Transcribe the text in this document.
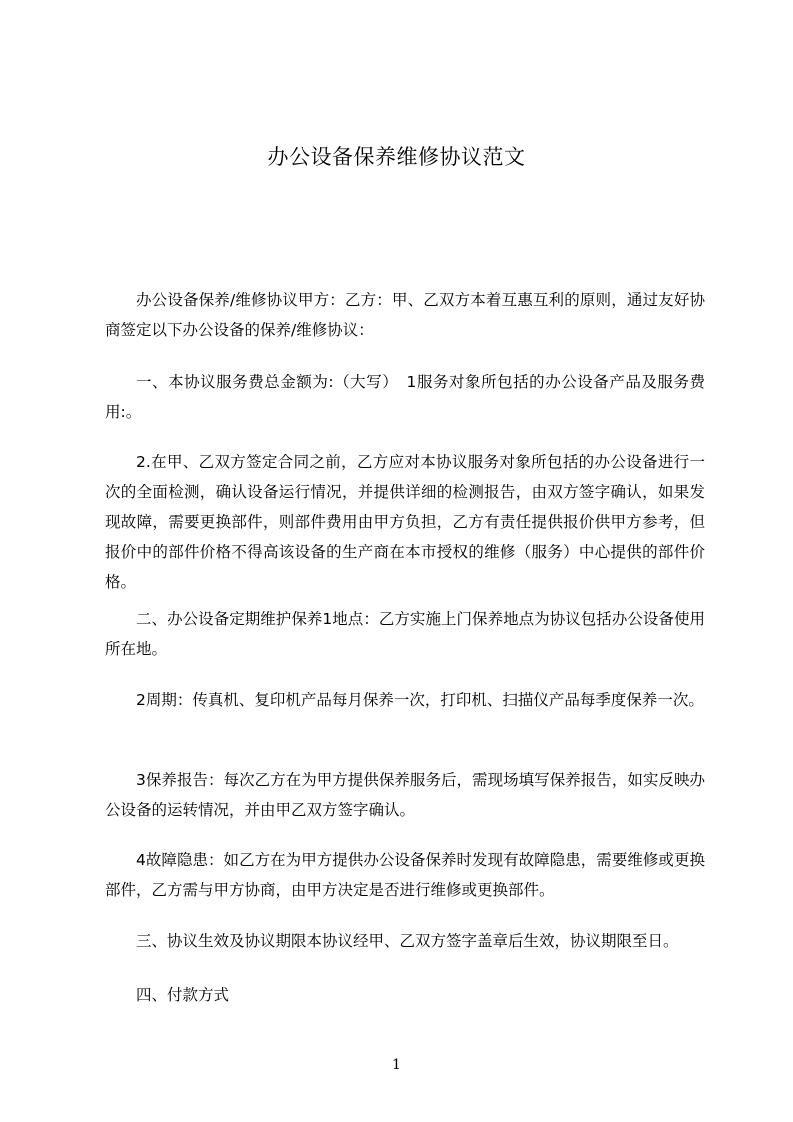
办公设备保养维修协议范文

办公设备保养/维修协议甲方：乙方：甲、乙双方本着互惠互利的原则，通过友好协商签定以下办公设备的保养/维修协议：

一、本协议服务费总金额为:（大写）　1服务对象所包括的办公设备产品及服务费用:。

2.在甲、乙双方签定合同之前，乙方应对本协议服务对象所包括的办公设备进行一次的全面检测，确认设备运行情况，并提供详细的检测报告，由双方签字确认，如果发现故障，需要更换部件，则部件费用由甲方负担，乙方有责任提供报价供甲方参考，但报价中的部件价格不得高该设备的生产商在本市授权的维修（服务）中心提供的部件价格。

二、办公设备定期维护保养1地点：乙方实施上门保养地点为协议包括办公设备使用所在地。

2周期：传真机、复印机产品每月保养一次，打印机、扫描仪产品每季度保养一次。

3保养报告：每次乙方在为甲方提供保养服务后，需现场填写保养报告，如实反映办公设备的运转情况，并由甲乙双方签字确认。

4故障隐患：如乙方在为甲方提供办公设备保养时发现有故障隐患，需要维修或更换部件，乙方需与甲方协商，由甲方决定是否进行维修或更换部件。

三、协议生效及协议期限本协议经甲、乙双方签字盖章后生效，协议期限至日。

四、付款方式

1
